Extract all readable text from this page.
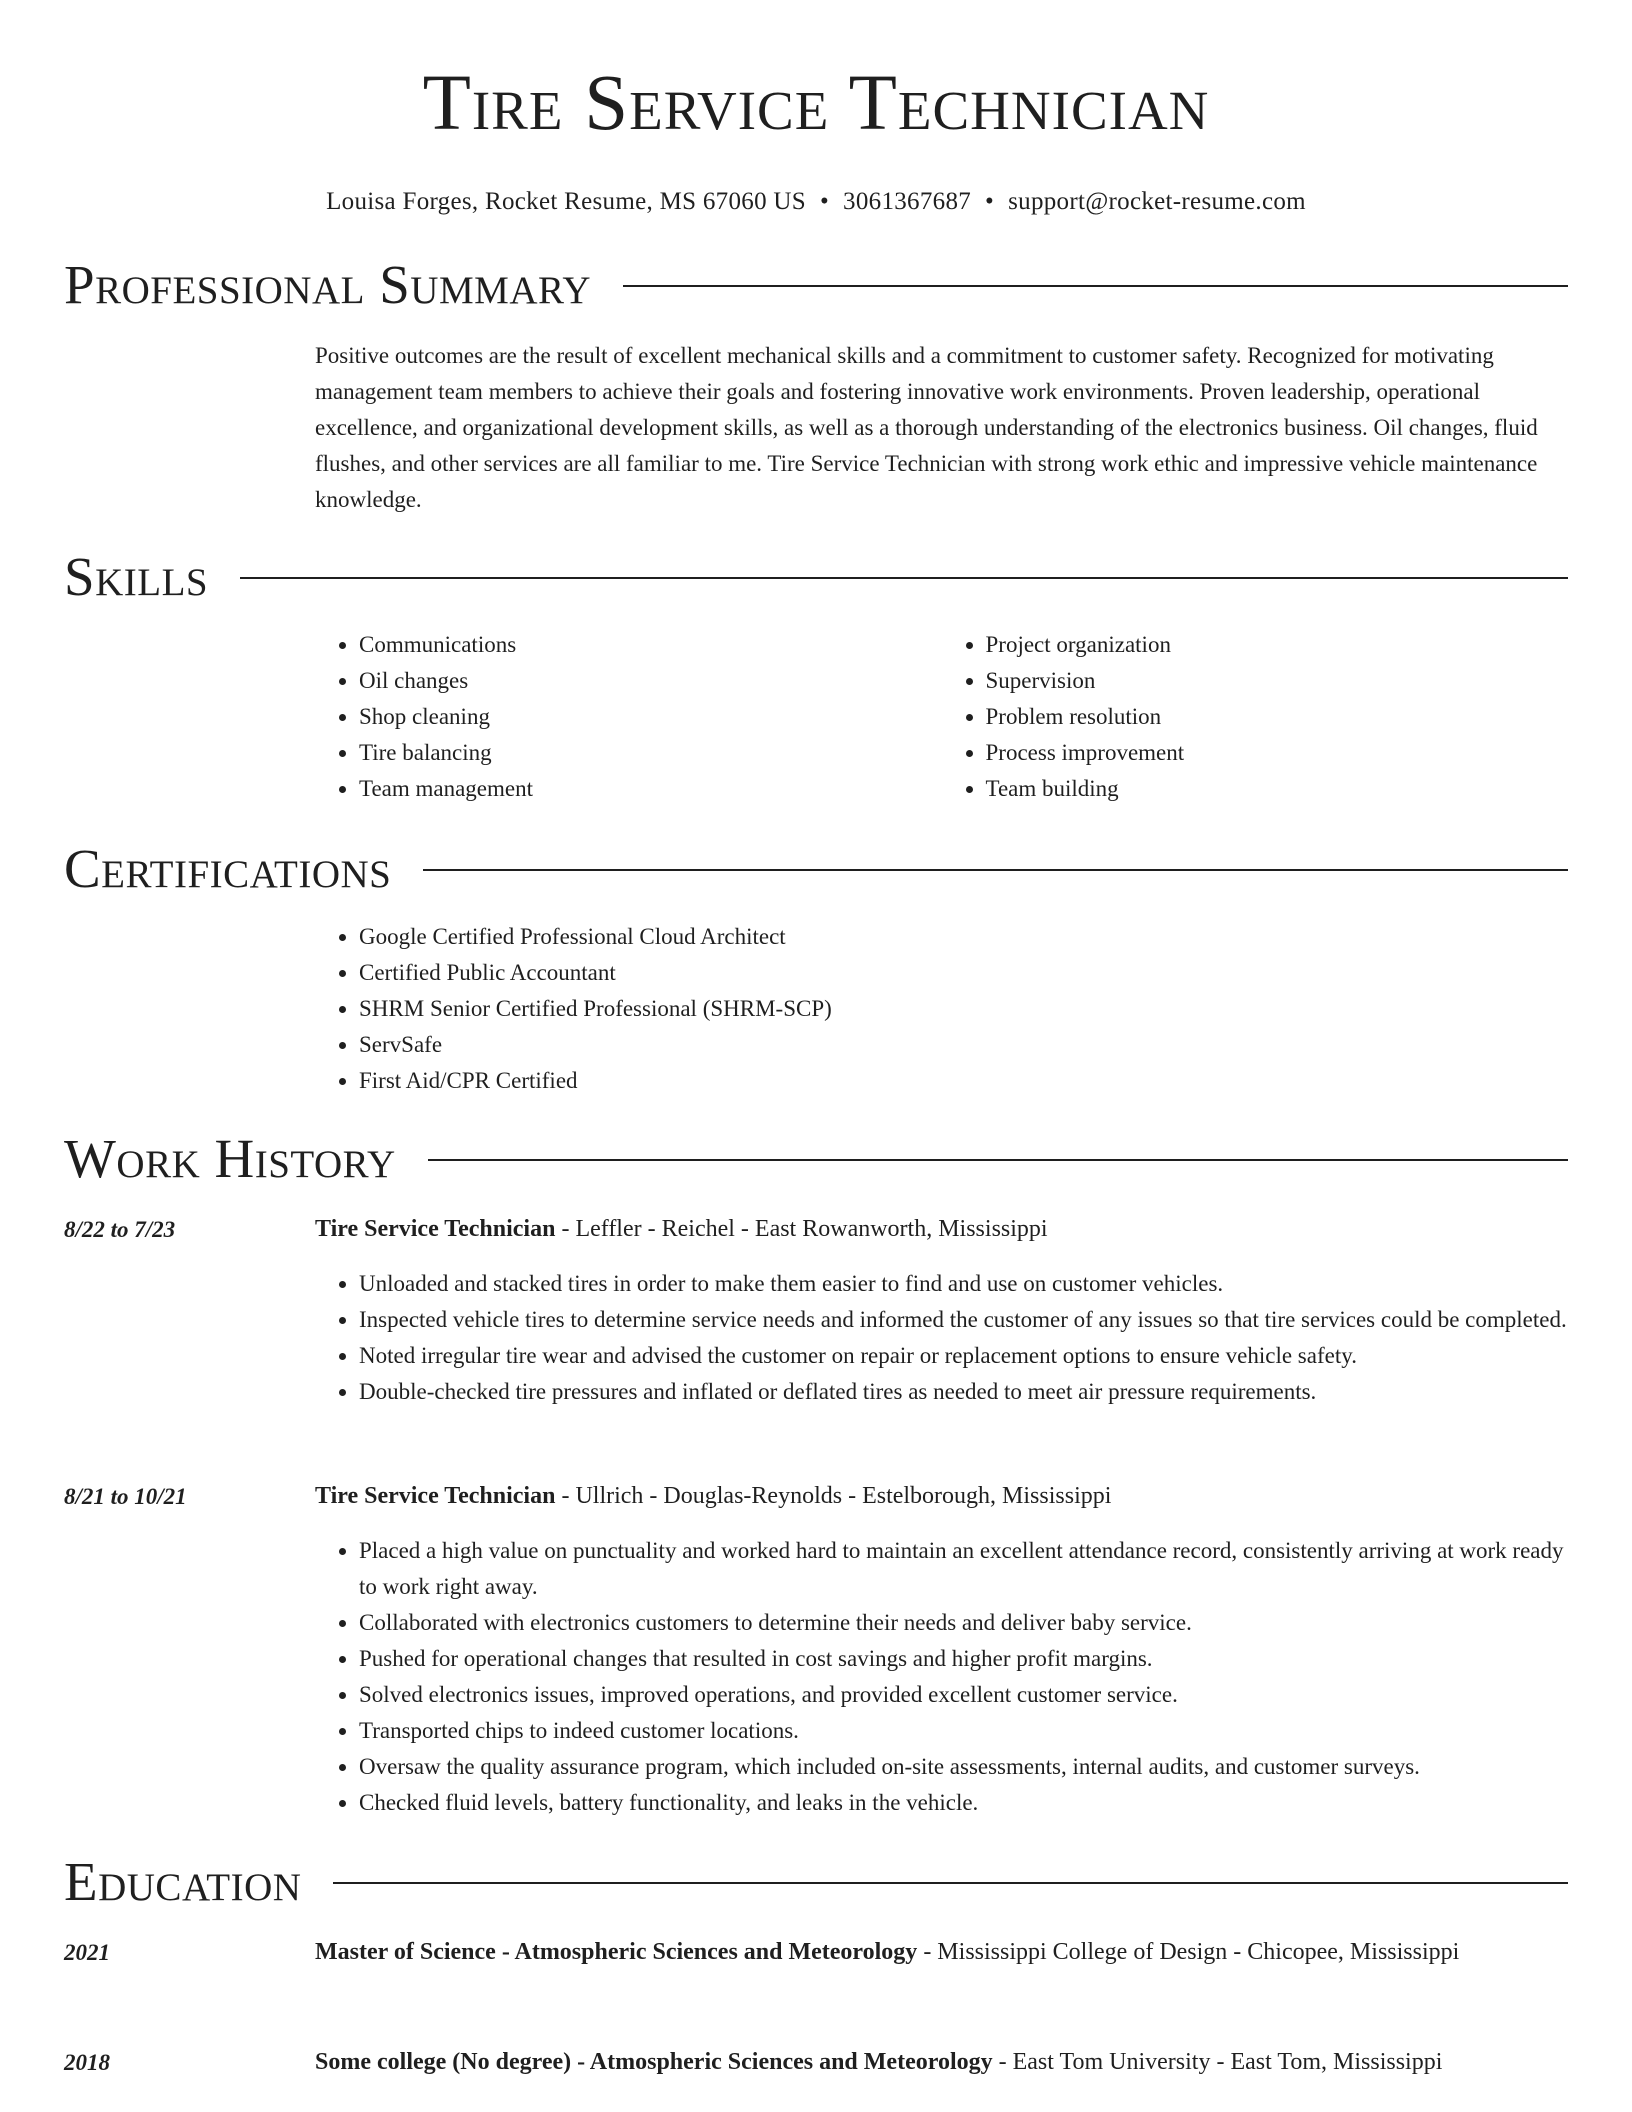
Tire Service Technician
Louisa Forges, Rocket Resume, MS 67060 US • 3061367687 • support@rocket-resume.com
Professional Summary
Positive outcomes are the result of excellent mechanical skills and a commitment to customer safety. Recognized for motivating management team members to achieve their goals and fostering innovative work environments. Proven leadership, operational excellence, and organizational development skills, as well as a thorough understanding of the electronics business. Oil changes, fluid flushes, and other services are all familiar to me. Tire Service Technician with strong work ethic and impressive vehicle maintenance knowledge.
Skills
• Communications
• Oil changes
• Shop cleaning
• Tire balancing
• Team management
• Project organization
• Supervision
• Problem resolution
• Process improvement
• Team building
Certifications
• Google Certified Professional Cloud Architect
• Certified Public Accountant
• SHRM Senior Certified Professional (SHRM-SCP)
• ServSafe
• First Aid/CPR Certified
Work History
8/22 to 7/23	Tire Service Technician - Leffler - Reichel - East Rowanworth, Mississippi
• Unloaded and stacked tires in order to make them easier to find and use on customer vehicles.
• Inspected vehicle tires to determine service needs and informed the customer of any issues so that tire services could be completed.
• Noted irregular tire wear and advised the customer on repair or replacement options to ensure vehicle safety.
• Double-checked tire pressures and inflated or deflated tires as needed to meet air pressure requirements.
8/21 to 10/21	Tire Service Technician - Ullrich - Douglas-Reynolds - Estelborough, Mississippi
• Placed a high value on punctuality and worked hard to maintain an excellent attendance record, consistently arriving at work ready to work right away.
• Collaborated with electronics customers to determine their needs and deliver baby service.
• Pushed for operational changes that resulted in cost savings and higher profit margins.
• Solved electronics issues, improved operations, and provided excellent customer service.
• Transported chips to indeed customer locations.
• Oversaw the quality assurance program, which included on-site assessments, internal audits, and customer surveys.
• Checked fluid levels, battery functionality, and leaks in the vehicle.
Education
2021	Master of Science - Atmospheric Sciences and Meteorology - Mississippi College of Design - Chicopee, Mississippi
2018	Some college (No degree) - Atmospheric Sciences and Meteorology - East Tom University - East Tom, Mississippi
